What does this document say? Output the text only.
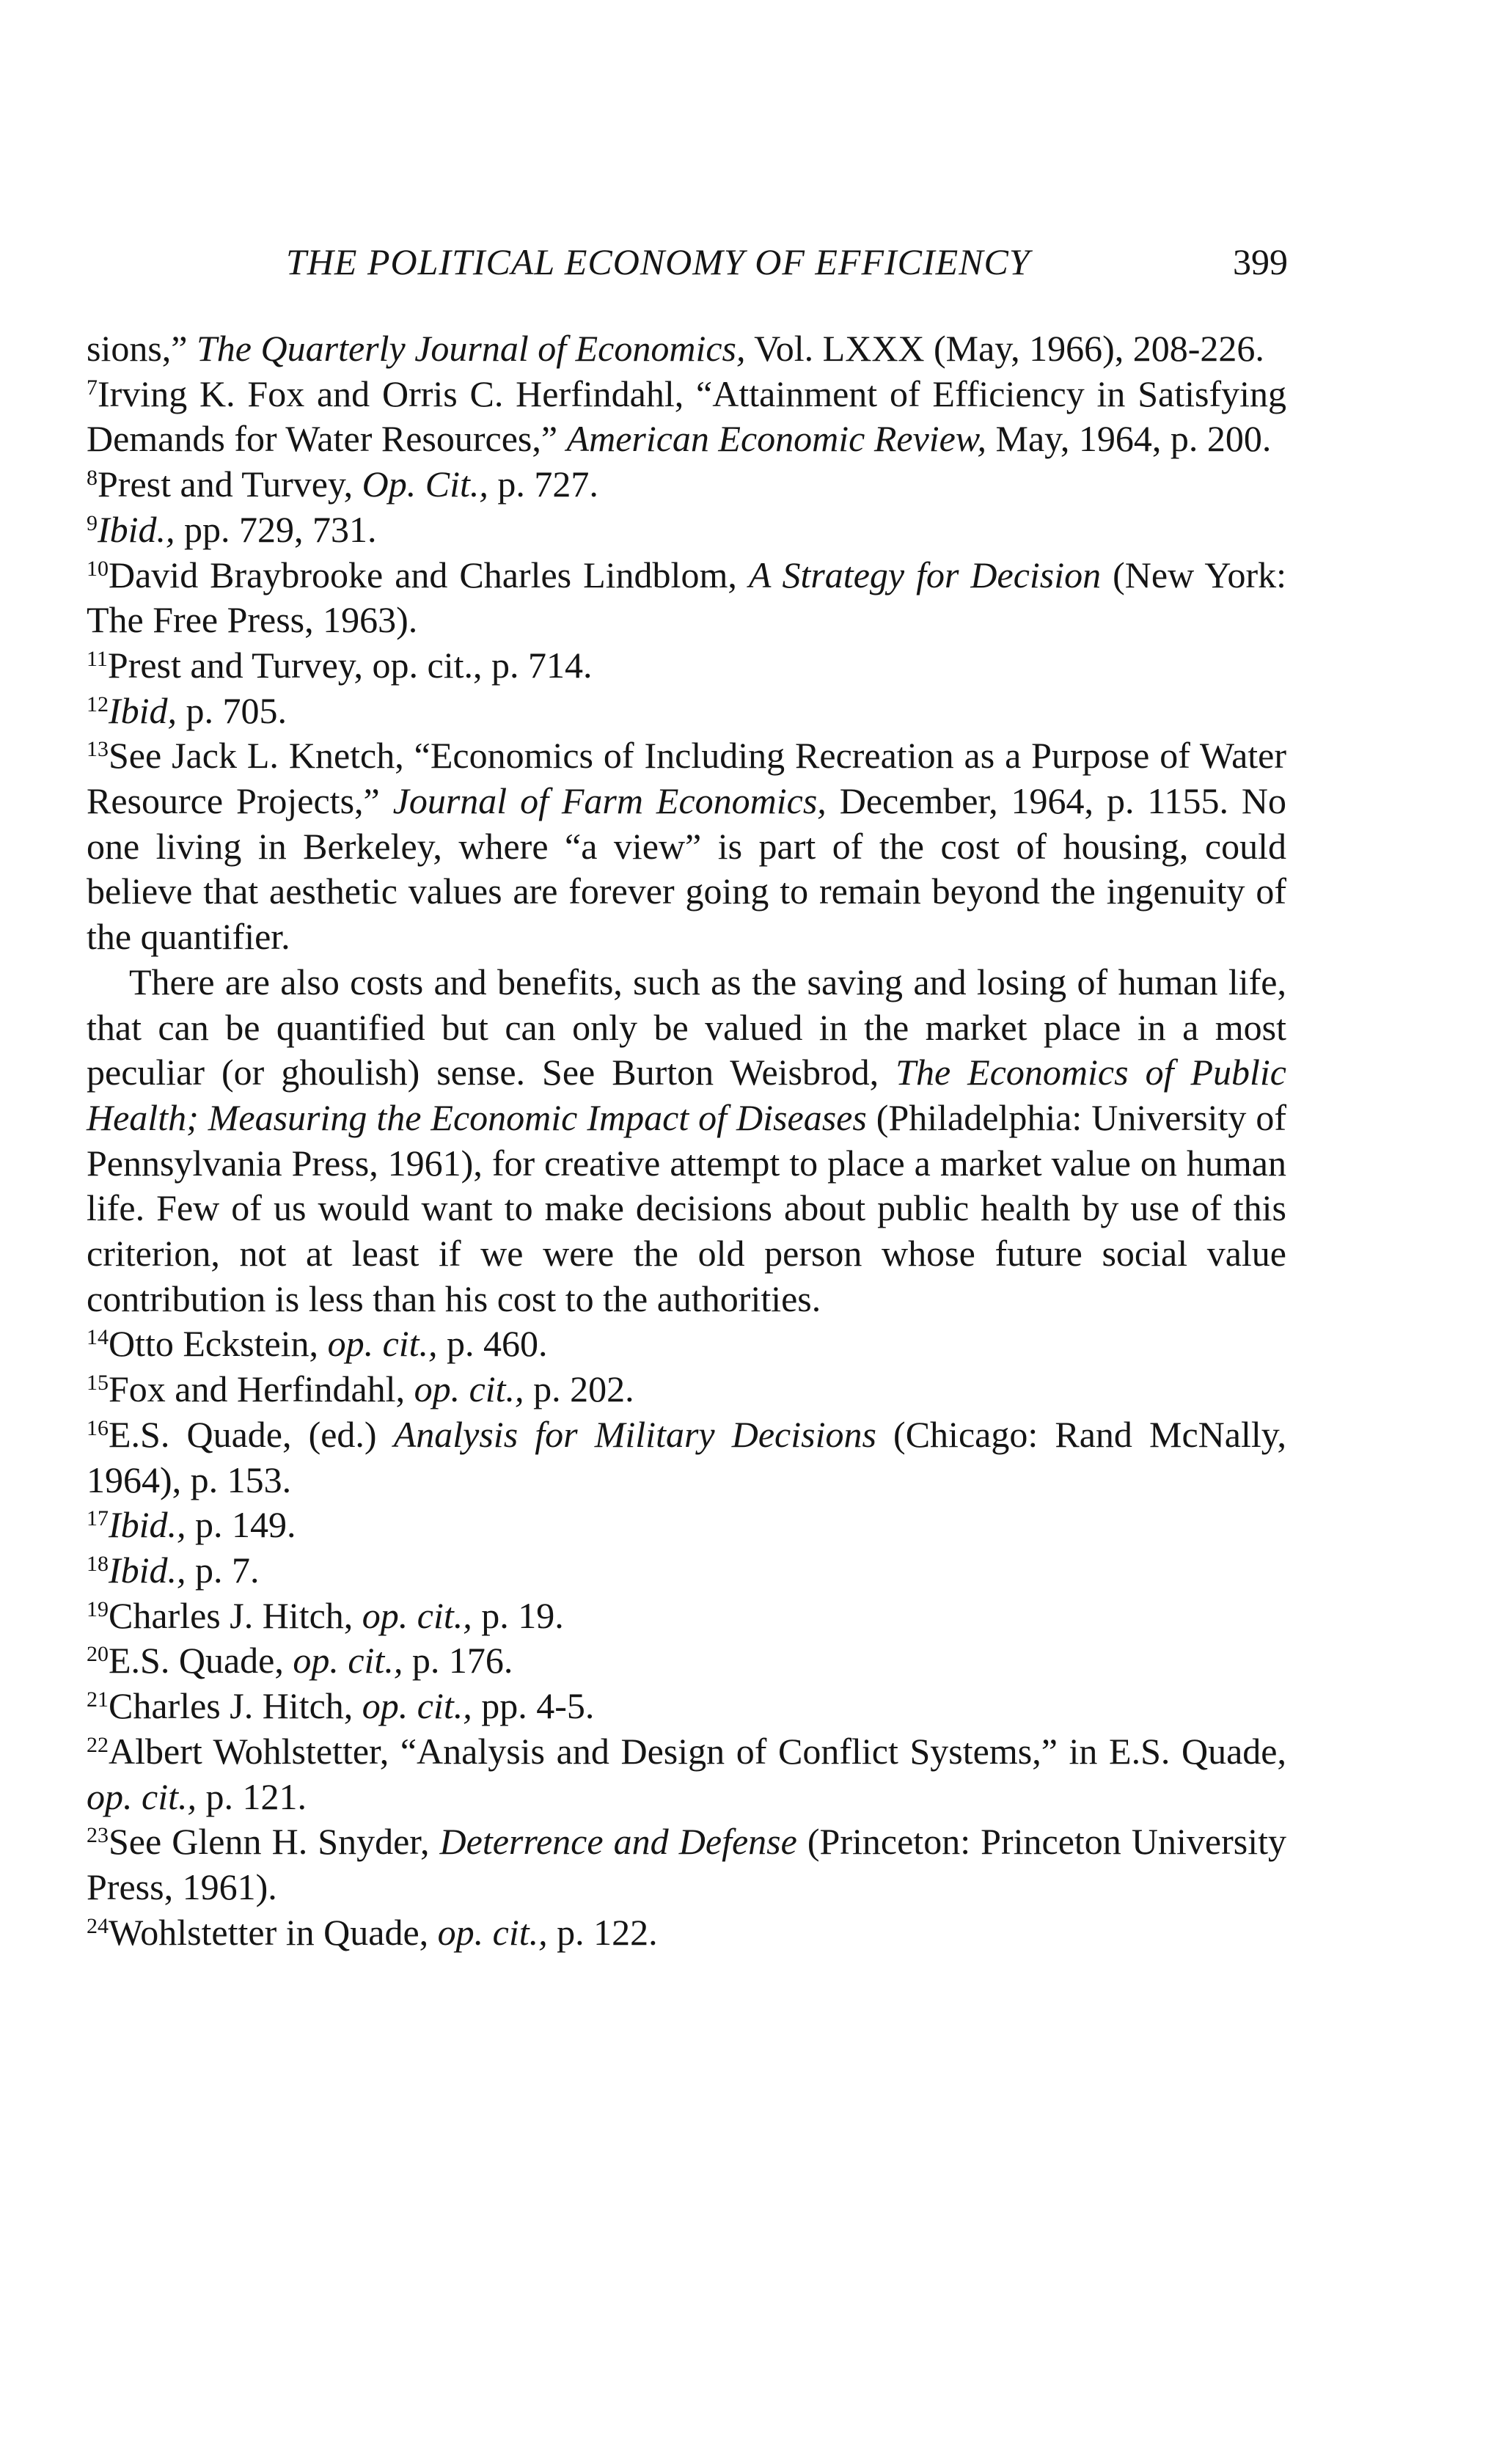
THE POLITICAL ECONOMY OF EFFICIENCY	399

sions,” The Quarterly Journal of Economics, Vol. LXXX (May, 1966), 208-226.

$^7$Irving K. Fox and Orris C. Herfindahl, “Attainment of Efficiency in Satisfying Demands for Water Resources,” American Economic Review, May, 1964, p. 200.

$^8$Prest and Turvey, Op. Cit., p. 727.

$^9$Ibid., pp. 729, 731.

$^{10}$David Braybrooke and Charles Lindblom, A Strategy for Decision (New York: The Free Press, 1963).

$^{11}$Prest and Turvey, op. cit., p. 714.

$^{12}$Ibid, p. 705.

$^{13}$See Jack L. Knetch, “Economics of Including Recreation as a Purpose of Water Resource Projects,” Journal of Farm Economics, December, 1964, p. 1155. No one living in Berkeley, where “a view” is part of the cost of housing, could believe that aesthetic values are forever going to remain beyond the ingenuity of the quantifier.

There are also costs and benefits, such as the saving and losing of human life, that can be quantified but can only be valued in the market place in a most peculiar (or ghoulish) sense. See Burton Weisbrod, The Economics of Public Health; Measuring the Economic Impact of Diseases (Philadelphia: University of Pennsylvania Press, 1961), for creative attempt to place a market value on human life. Few of us would want to make decisions about public health by use of this criterion, not at least if we were the old person whose future social value contribution is less than his cost to the authorities.

$^{14}$Otto Eckstein, op. cit., p. 460.

$^{15}$Fox and Herfindahl, op. cit., p. 202.

$^{16}$E.S. Quade, (ed.) Analysis for Military Decisions (Chicago: Rand McNally, 1964), p. 153.

$^{17}$Ibid., p. 149.

$^{18}$Ibid., p. 7.

$^{19}$Charles J. Hitch, op. cit., p. 19.

$^{20}$E.S. Quade, op. cit., p. 176.

$^{21}$Charles J. Hitch, op. cit., pp. 4-5.

$^{22}$Albert Wohlstetter, “Analysis and Design of Conflict Systems,” in E.S. Quade, op. cit., p. 121.

$^{23}$See Glenn H. Snyder, Deterrence and Defense (Princeton: Princeton University Press, 1961).

$^{24}$Wohlstetter in Quade, op. cit., p. 122.
